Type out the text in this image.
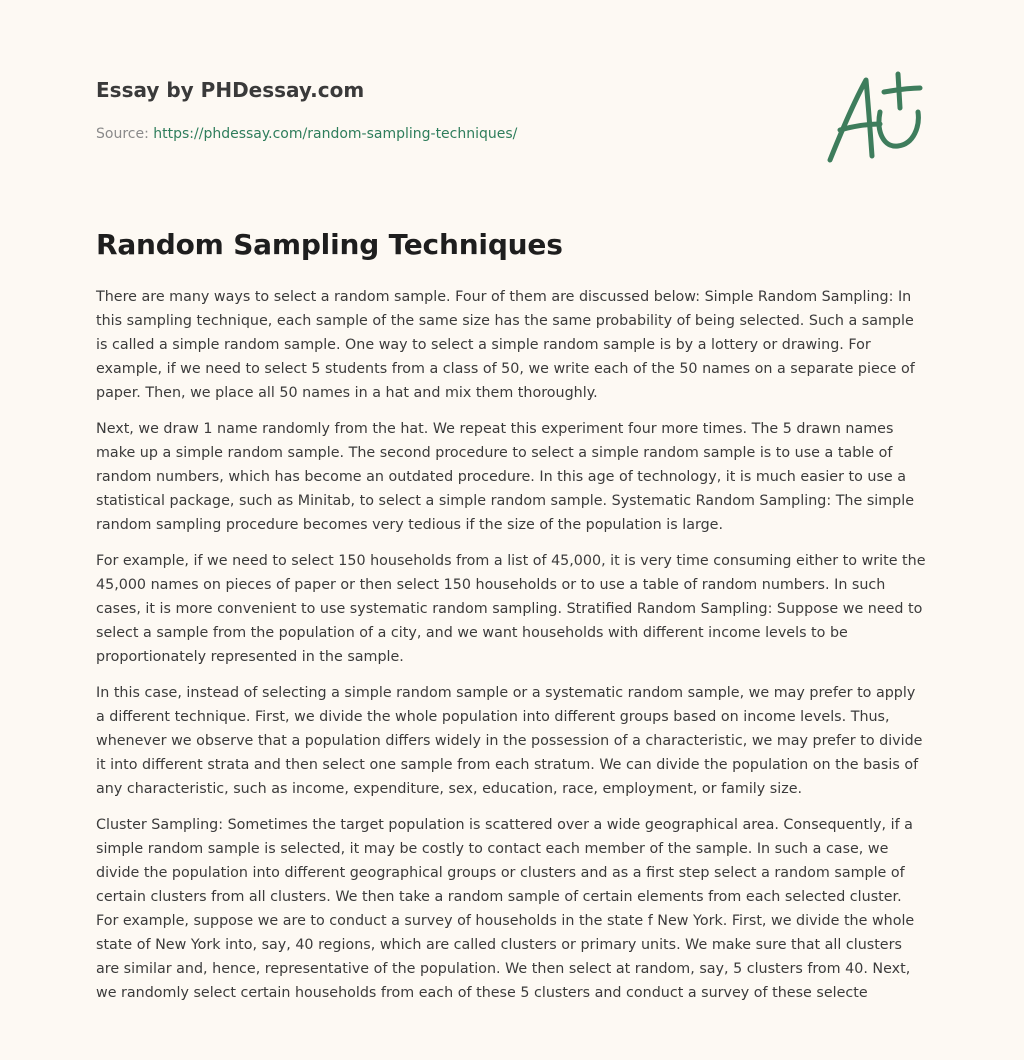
Essay by PHDessay.com
Source: https://phdessay.com/random-sampling-techniques/
Random Sampling Techniques

There are many ways to select a random sample. Four of them are discussed below: Simple Random Sampling: In this sampling technique, each sample of the same size has the same probability of being selected. Such a sample is called a simple random sample. One way to select a simple random sample is by a lottery or drawing. For example, if we need to select 5 students from a class of 50, we write each of the 50 names on a separate piece of paper. Then, we place all 50 names in a hat and mix them thoroughly.

Next, we draw 1 name randomly from the hat. We repeat this experiment four more times. The 5 drawn names make up a simple random sample. The second procedure to select a simple random sample is to use a table of random numbers, which has become an outdated procedure. In this age of technology, it is much easier to use a statistical package, such as Minitab, to select a simple random sample. Systematic Random Sampling: The simple random sampling procedure becomes very tedious if the size of the population is large.

For example, if we need to select 150 households from a list of 45,000, it is very time consuming either to write the 45,000 names on pieces of paper or then select 150 households or to use a table of random numbers. In such cases, it is more convenient to use systematic random sampling. Stratified Random Sampling: Suppose we need to select a sample from the population of a city, and we want households with different income levels to be proportionately represented in the sample.

In this case, instead of selecting a simple random sample or a systematic random sample, we may prefer to apply a different technique. First, we divide the whole population into different groups based on income levels. Thus, whenever we observe that a population differs widely in the possession of a characteristic, we may prefer to divide it into different strata and then select one sample from each stratum. We can divide the population on the basis of any characteristic, such as income, expenditure, sex, education, race, employment, or family size.

Cluster Sampling: Sometimes the target population is scattered over a wide geographical area. Consequently, if a simple random sample is selected, it may be costly to contact each member of the sample. In such a case, we divide the population into different geographical groups or clusters and as a first step select a random sample of certain clusters from all clusters. We then take a random sample of certain elements from each selected cluster. For example, suppose we are to conduct a survey of households in the state f New York. First, we divide the whole state of New York into, say, 40 regions, which are called clusters or primary units. We make sure that all clusters are similar and, hence, representative of the population. We then select at random, say, 5 clusters from 40. Next, we randomly select certain households from each of these 5 clusters and conduct a survey of these selecte
